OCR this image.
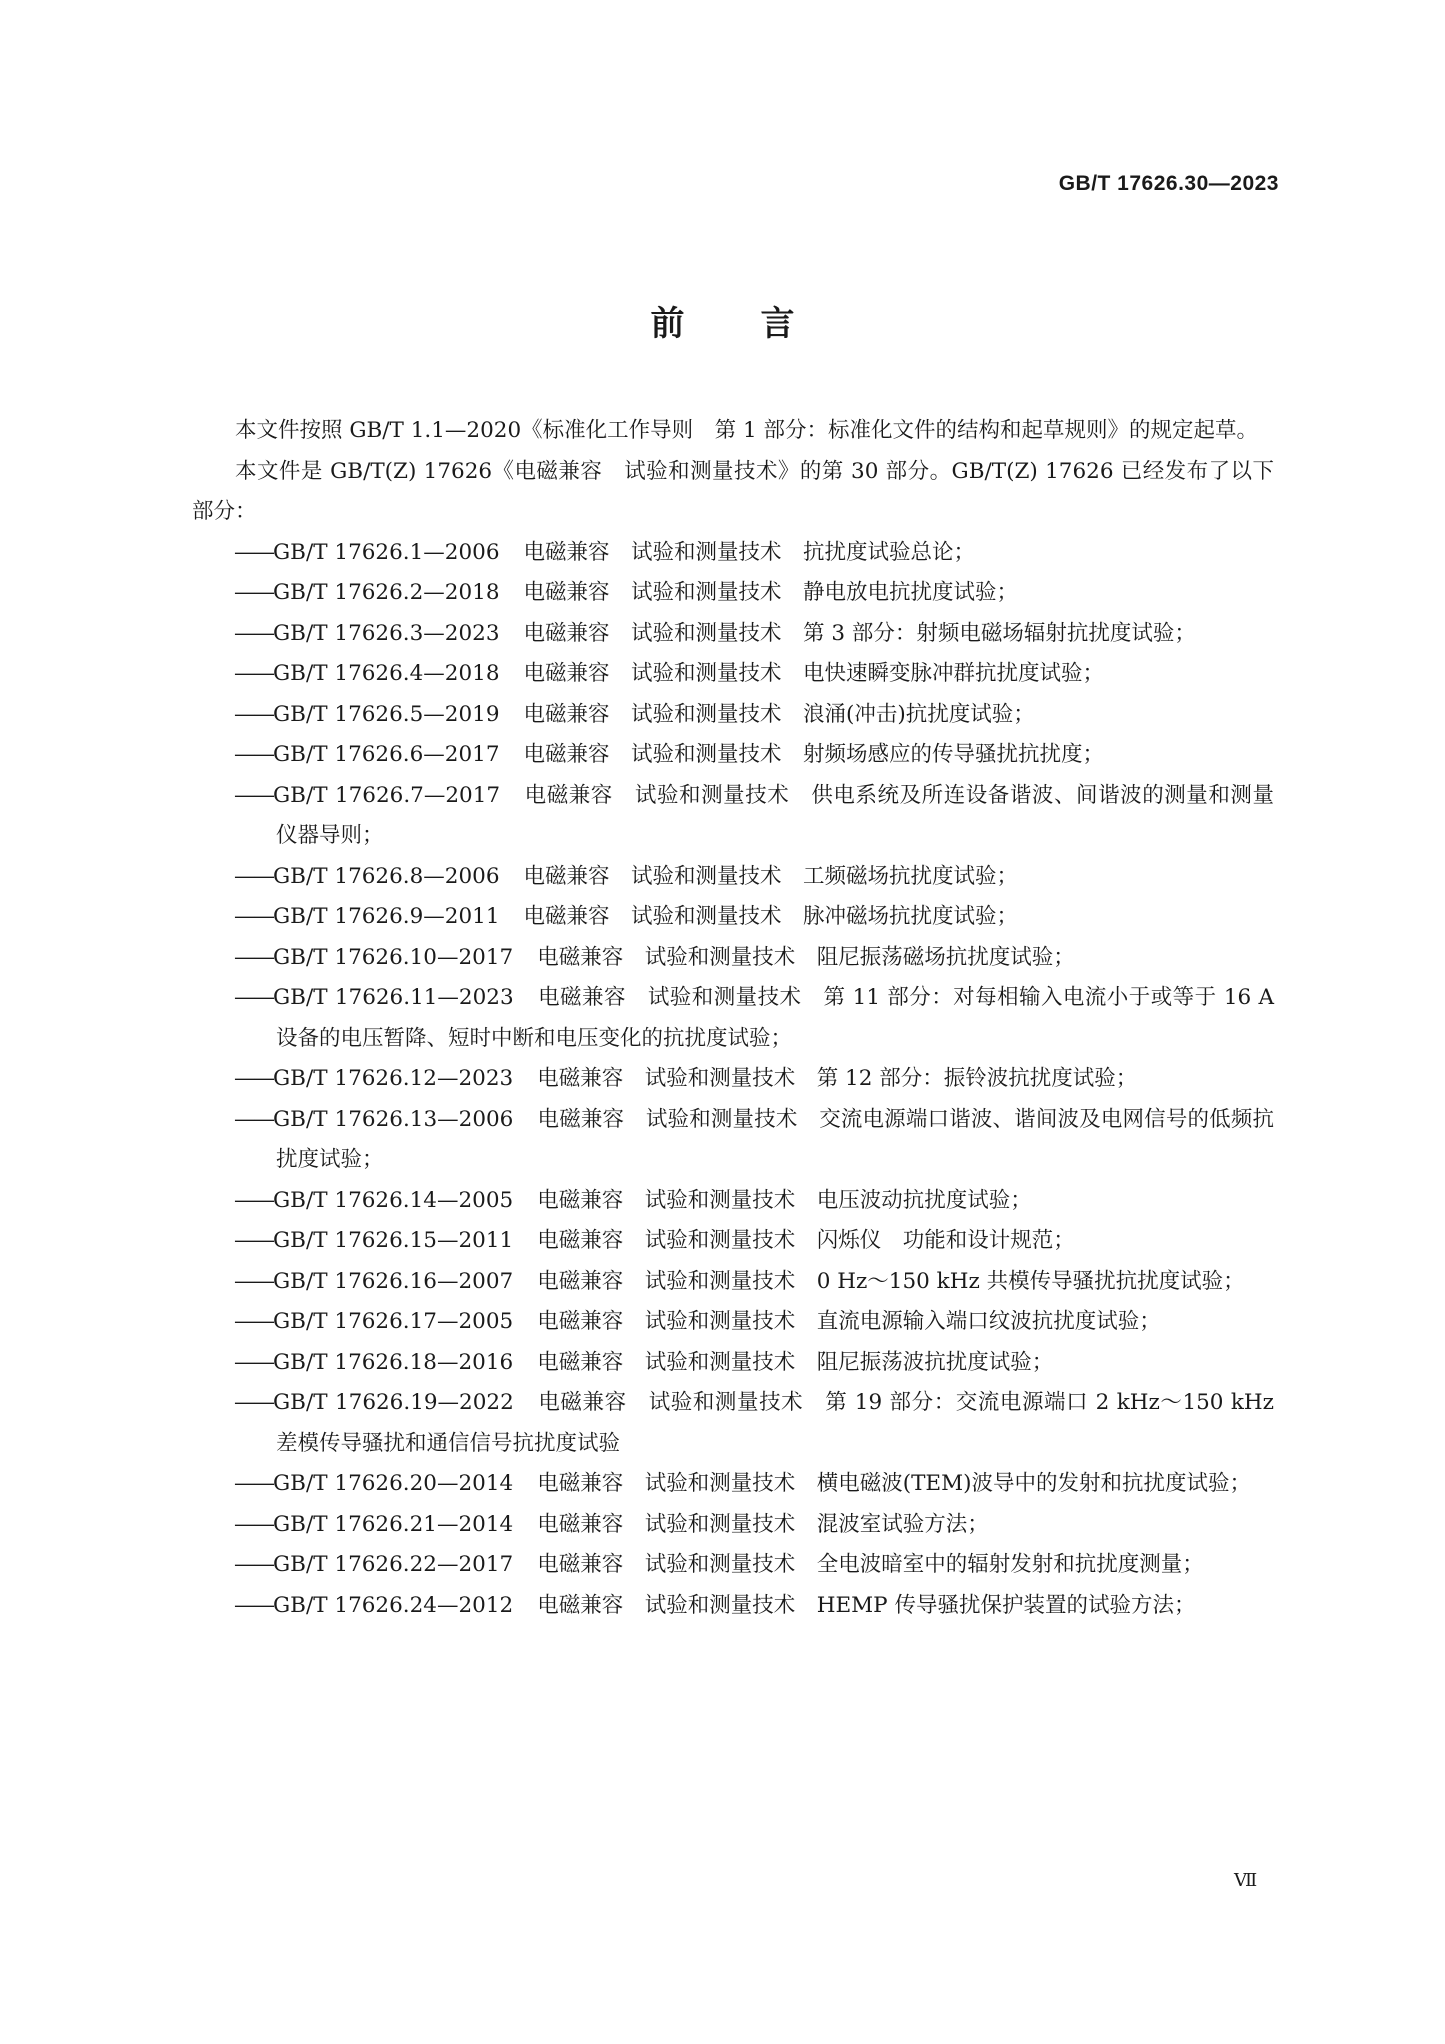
GB/T 17626.30—2023
前言

本文件按照 GB/T 1.1—2020《标准化工作导则　第 1 部分：标准化文件的结构和起草规则》的规定起草。

本文件是 GB/T(Z) 17626《电磁兼容　试验和测量技术》的第 30 部分。GB/T(Z) 17626 已经发布了以下部分：

——GB/T 17626.1—2006 电磁兼容　试验和测量技术　抗扰度试验总论；

——GB/T 17626.2—2018 电磁兼容　试验和测量技术　静电放电抗扰度试验；

——GB/T 17626.3—2023 电磁兼容　试验和测量技术　第 3 部分：射频电磁场辐射抗扰度试验；

——GB/T 17626.4—2018 电磁兼容　试验和测量技术　电快速瞬变脉冲群抗扰度试验；

——GB/T 17626.5—2019 电磁兼容　试验和测量技术　浪涌(冲击)抗扰度试验；

——GB/T 17626.6—2017 电磁兼容　试验和测量技术　射频场感应的传导骚扰抗扰度；

——GB/T 17626.7—2017 电磁兼容　试验和测量技术　供电系统及所连设备谐波、间谐波的测量和测量仪器导则；

——GB/T 17626.8—2006 电磁兼容　试验和测量技术　工频磁场抗扰度试验；

——GB/T 17626.9—2011 电磁兼容　试验和测量技术　脉冲磁场抗扰度试验；

——GB/T 17626.10—2017 电磁兼容　试验和测量技术　阻尼振荡磁场抗扰度试验；

——GB/T 17626.11—2023 电磁兼容　试验和测量技术　第 11 部分：对每相输入电流小于或等于 16 A 设备的电压暂降、短时中断和电压变化的抗扰度试验；

——GB/T 17626.12—2023 电磁兼容　试验和测量技术　第 12 部分：振铃波抗扰度试验；

——GB/T 17626.13—2006 电磁兼容　试验和测量技术　交流电源端口谐波、谐间波及电网信号的低频抗扰度试验；

——GB/T 17626.14—2005 电磁兼容　试验和测量技术　电压波动抗扰度试验；

——GB/T 17626.15—2011 电磁兼容　试验和测量技术　闪烁仪　功能和设计规范；

——GB/T 17626.16—2007 电磁兼容　试验和测量技术　0 Hz～150 kHz 共模传导骚扰抗扰度试验；

——GB/T 17626.17—2005 电磁兼容　试验和测量技术　直流电源输入端口纹波抗扰度试验；

——GB/T 17626.18—2016 电磁兼容　试验和测量技术　阻尼振荡波抗扰度试验；

——GB/T 17626.19—2022 电磁兼容　试验和测量技术　第 19 部分：交流电源端口 2 kHz～150 kHz差模传导骚扰和通信信号抗扰度试验

——GB/T 17626.20—2014 电磁兼容　试验和测量技术　横电磁波(TEM)波导中的发射和抗扰度试验；

——GB/T 17626.21—2014 电磁兼容　试验和测量技术　混波室试验方法；

——GB/T 17626.22—2017 电磁兼容　试验和测量技术　全电波暗室中的辐射发射和抗扰度测量；

——GB/T 17626.24—2012 电磁兼容　试验和测量技术　HEMP 传导骚扰保护装置的试验方法；

Ⅶ
